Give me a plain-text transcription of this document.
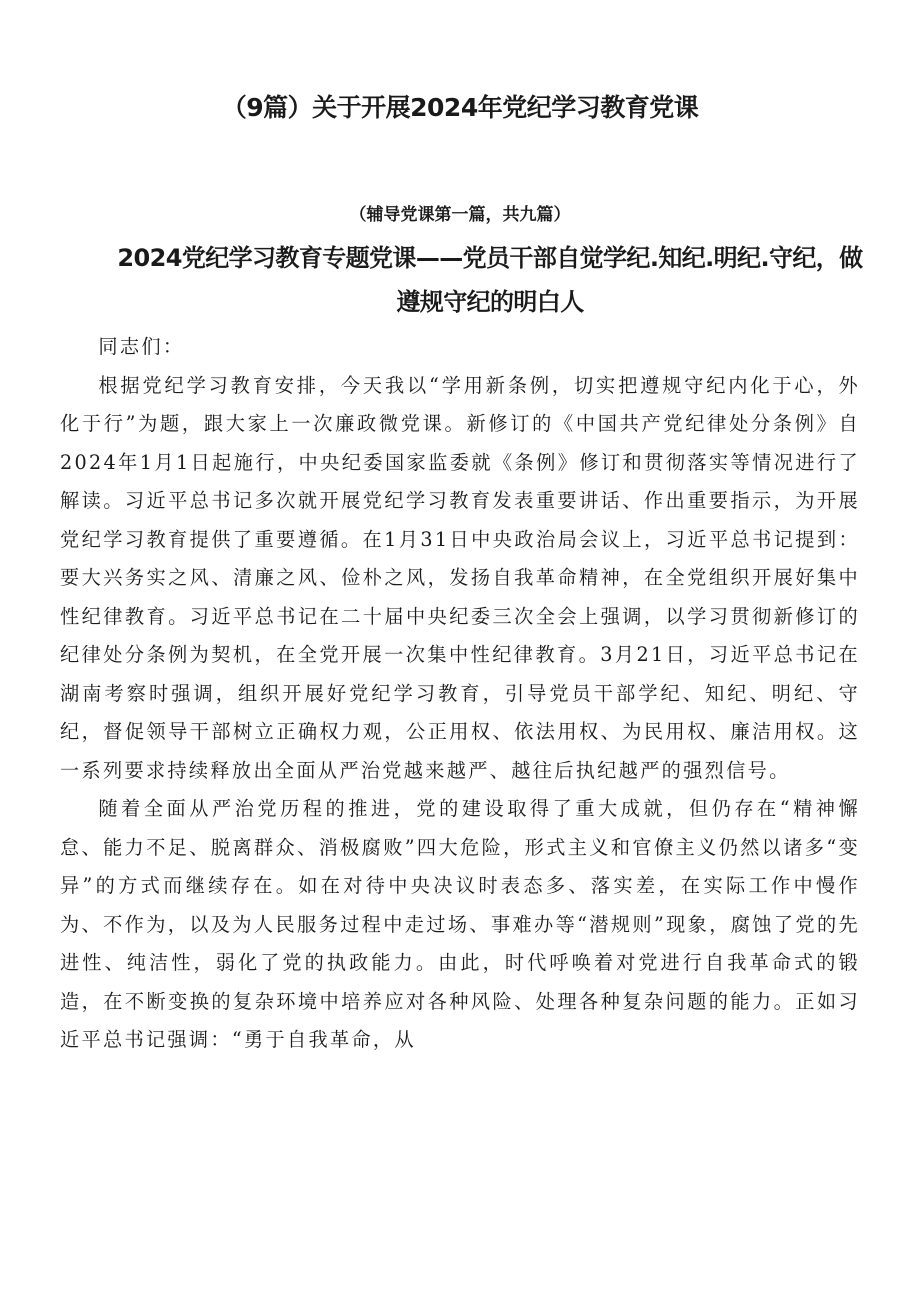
（9篇）关于开展2024年党纪学习教育党课
（辅导党课第一篇，共九篇）
2024党纪学习教育专题党课——党员干部自觉学纪.知纪.明纪.守纪，做遵规守纪的明白人

同志们：

根据党纪学习教育安排，今天我以“学用新条例，切实把遵规守纪内化于心，外化于行”为题，跟大家上一次廉政微党课。新修订的《中国共产党纪律处分条例》自2024年1月1日起施行，中央纪委国家监委就《条例》修订和贯彻落实等情况进行了解读。习近平总书记多次就开展党纪学习教育发表重要讲话、作出重要指示，为开展党纪学习教育提供了重要遵循。在1月31日中央政治局会议上，习近平总书记提到：要大兴务实之风、清廉之风、俭朴之风，发扬自我革命精神，在全党组织开展好集中性纪律教育。习近平总书记在二十届中央纪委三次全会上强调，以学习贯彻新修订的纪律处分条例为契机，在全党开展一次集中性纪律教育。3月21日，习近平总书记在湖南考察时强调，组织开展好党纪学习教育，引导党员干部学纪、知纪、明纪、守纪，督促领导干部树立正确权力观，公正用权、依法用权、为民用权、廉洁用权。这一系列要求持续释放出全面从严治党越来越严、越往后执纪越严的强烈信号。

随着全面从严治党历程的推进，党的建设取得了重大成就，但仍存在“精神懈怠、能力不足、脱离群众、消极腐败”四大危险，形式主义和官僚主义仍然以诸多“变异”的方式而继续存在。如在对待中央决议时表态多、落实差，在实际工作中慢作为、不作为，以及为人民服务过程中走过场、事难办等“潜规则”现象，腐蚀了党的先进性、纯洁性，弱化了党的执政能力。由此，时代呼唤着对党进行自我革命式的锻造，在不断变换的复杂环境中培养应对各种风险、处理各种复杂问题的能力。正如习近平总书记强调：“勇于自我革命，从
